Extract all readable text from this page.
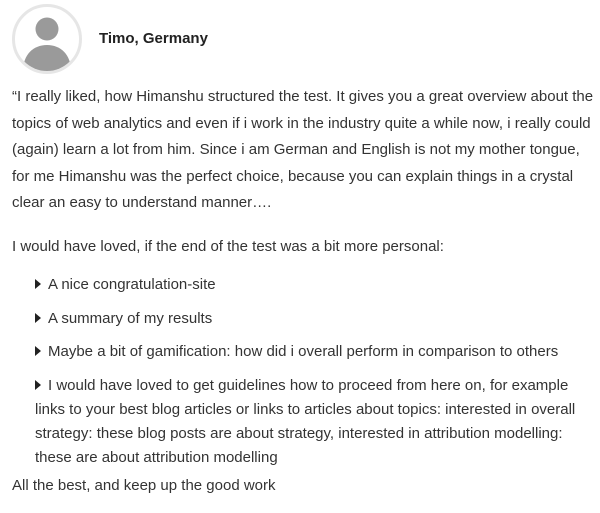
Timo, Germany

“I really liked, how Himanshu structured the test. It gives you a great overview about the topics of web analytics and even if i work in the industry quite a while now, i really could (again) learn a lot from him. Since i am German and English is not my mother tongue, for me Himanshu was the perfect choice, because you can explain things in a crystal clear an easy to understand manner….

I would have loved, if the end of the test was a bit more personal:

A nice congratulation-site
A summary of my results
Maybe a bit of gamification: how did i overall perform in comparison to others
I would have loved to get guidelines how to proceed from here on, for example links to your best blog articles or links to articles about topics: interested in overall strategy: these blog posts are about strategy, interested in attribution modelling: these are about attribution modelling

All the best, and keep up the good work
